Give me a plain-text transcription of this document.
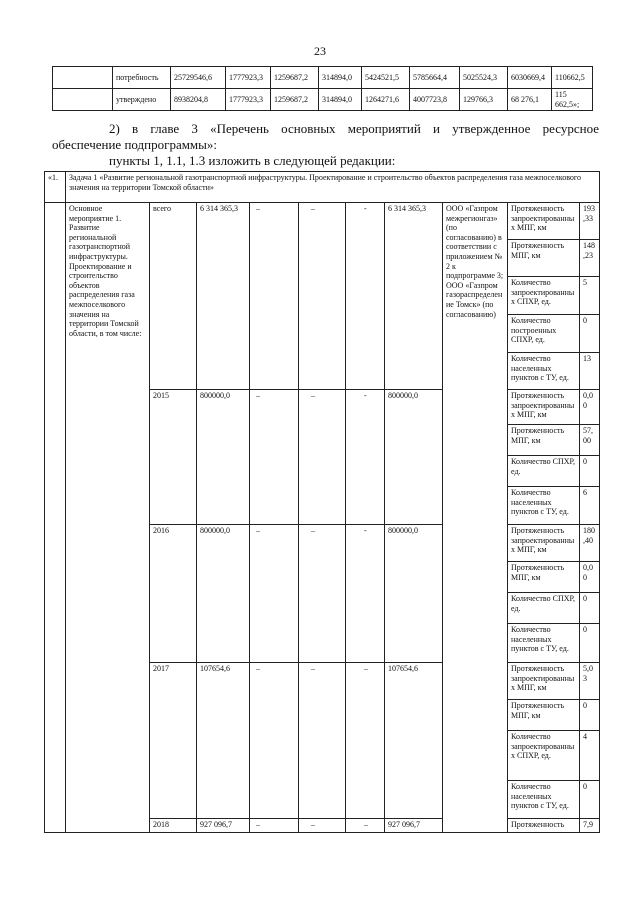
23
	потребность	25729546,6	1777923,3	1259687,2	314894,0	5424521,5	5785664,4	5025524,3	6030669,4	110662,5
	утверждено	8938204,8	1777923,3	1259687,2	314894,0	1264271,6	4007723,8	129766,3	68 276,1	115 662,5»;
2) в главе 3 «Перечень основных мероприятий и утвержденное ресурсное
обеспечение подпрограммы»:
пункты 1, 1.1, 1.3 изложить в следующей редакции:
«1.	Задача 1 «Развитие региональной газотранспортной инфраструктуры. Проектирование и строительство объектов распределения газа межпоселкового значения на территории Томской области»									
	Основное мероприятие 1. Развитие региональной газотранспортной инфраструктуры. Проектирование и строительство объектов распределения газа межпоселкового значения на территории Томской области, в том числе:	всего	6 314 365,3	–	–	-	6 314 365,3	ООО «Газпром межрегионгаз» (по согласованию) в соответствии с приложением № 2 к подпрограмме 3; ООО «Газпром газораспределение Томск» (по согласованию)	Протяженность запроектированных МПГ, км	193,33
									Протяженность МПГ, км	148,23
									Количество запроектированных СПХР, ед.	5
									Количество построенных СПХР, ед.	0
									Количество населенных пунктов с ТУ, ед.	13
		2015	800000,0	–	–	-	800000,0		Протяженность запроектированных МПГ, км	0,00
									Протяженность МПГ, км	57,00
									Количество СПХР, ед.	0
									Количество населенных пунктов с ТУ, ед.	6
		2016	800000,0	–	–	-	800000,0		Протяженность запроектированных МПГ, км	180,40
									Протяженность МПГ, км	0,00
									Количество СПХР, ед.	0
									Количество населенных пунктов с ТУ, ед.	0
		2017	107654,6	–	–	–	107654,6		Протяженность запроектированных МПГ, км	5,03
									Протяженность МПГ, км	0
									Количество запроектированных СПХР, ед.	4
									Количество населенных пунктов с ТУ, ед.	0
		2018	927 096,7	–	–	–	927 096,7		Протяженность	7,9
